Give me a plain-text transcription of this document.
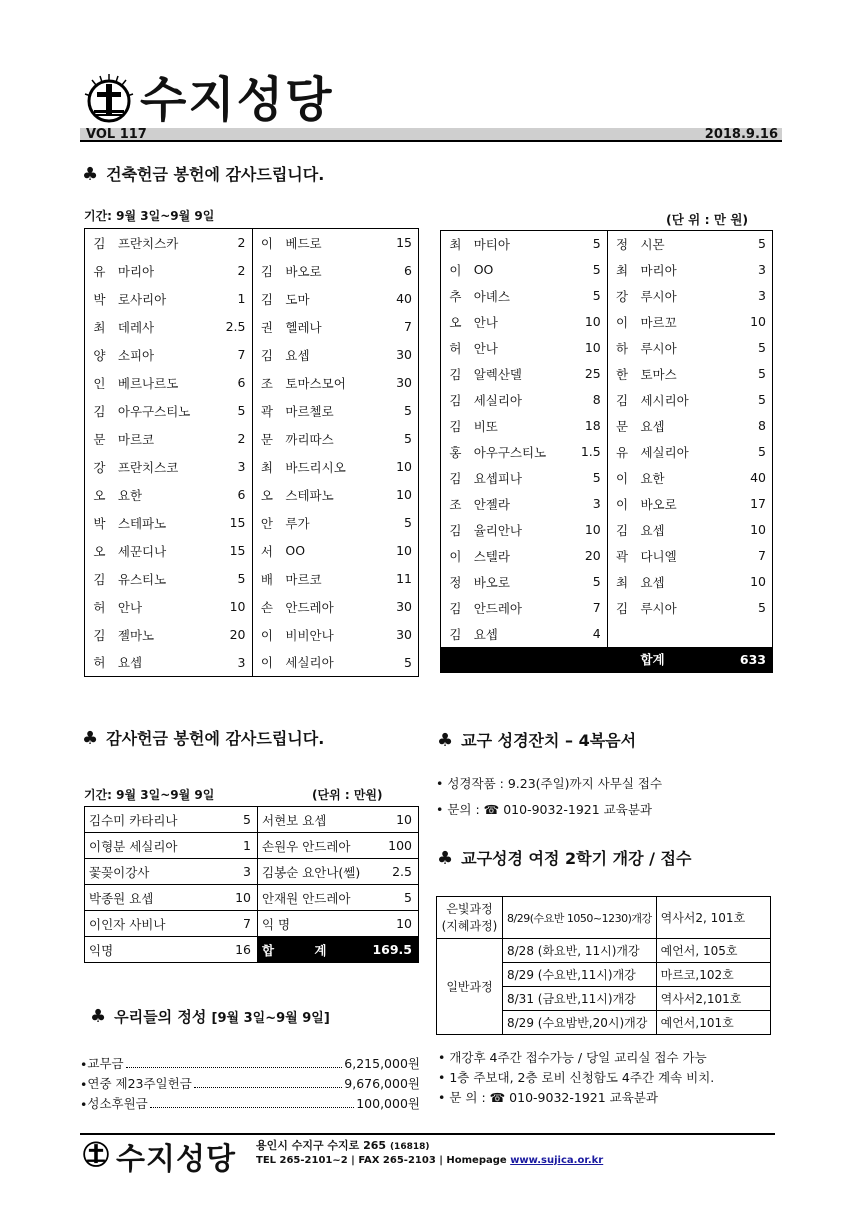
수지성당
VOL 117	2018.9.16
♣ 건축헌금 봉헌에 감사드립니다.
기간: 9월 3일~9월 9일	(단 위 : 만 원)
김	프란치스카	2	이	베드로	15
유	마리아	2	김	바오로	6
박	로사리아	1	김	도마	40
최	데레사	2.5	권	헬레나	7
양	소피아	7	김	요셉	30
인	베르나르도	6	조	토마스모어	30
김	아우구스티노	5	곽	마르첼로	5
문	마르코	2	문	까리따스	5
강	프란치스코	3	최	바드리시오	10
오	요한	6	오	스테파노	10
박	스테파노	15	안	루가	5
오	세꾼디나	15	서	OO	10
김	유스티노	5	배	마르코	11
허	안나	10	손	안드레아	30
김	젤마노	20	이	비비안나	30
허	요셉	3	이	세실리아	5
최	마티아	5	정	시몬	5
이	OO	5	최	마리아	3
추	아녜스	5	강	루시아	3
오	안나	10	이	마르꼬	10
허	안나	10	하	루시아	5
김	알렉산델	25	한	토마스	5
김	세실리아	8	김	세시리아	5
김	비또	18	문	요셉	8
홍	아우구스티노	1.5	유	세실리아	5
김	요셉피나	5	이	요한	40
조	안젤라	3	이	바오로	17
김	율리안나	10	김	요셉	10
이	스텔라	20	곽	다니엘	7
정	바오로	5	최	요셉	10
김	안드레아	7	김	루시아	5
김	요셉	4			
				합계	633
♣ 감사헌금 봉헌에 감사드립니다.
기간: 9월 3일~9월 9일	(단위 : 만원)
김수미 카타리나	5	서현보 요셉	10
이형분 세실리아	1	손원우 안드레아	100
꽃꽂이강사	3	김봉순 요안나(쎌)	2.5
박종원 요셉	10	안재원 안드레아	5
이인자 사비나	7	익 명	10
익명	16	합 계	169.5
♣ 우리들의 정성 [9월 3일~9월 9일]
• 교무금	6,215,000원
• 연중 제23주일헌금	9,676,000원
• 성소후원금	100,000원
♣ 교구 성경잔치 – 4복음서
• 성경작품 : 9.23(주일)까지 사무실 접수
• 문의 : ☎ 010-9032-1921 교육분과
♣ 교구성경 여정 2학기 개강 / 접수
은빛과정
(지혜과정)	8/29(수요반 1050~1230)개강	역사서2, 101호
일반과정	8/28 (화요반, 11시)개강	예언서, 105호
	8/29 (수요반,11시)개강	마르코,102호
	8/31 (금요반,11시)개강	역사서2,101호
	8/29 (수요밤반,20시)개강	예언서,101호
• 개강후 4주간 접수가능 / 당일 교리실 접수 가능
• 1층 주보대, 2층 로비 신청함도 4주간 계속 비치.
• 문 의 : ☎ 010-9032-1921 교육분과
수지성당 용인시 수지구 수지로 265 (16818)
TEL 265-2101~2 | FAX 265-2103 | Homepage www.sujica.or.kr
